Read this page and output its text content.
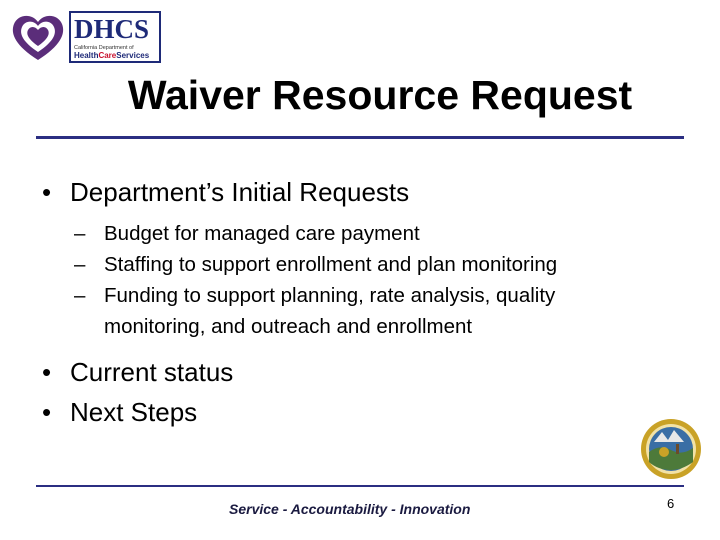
DHCS
California Department of
HealthCareServices
Waiver Resource Request
• Department’s Initial Requests
– Budget for managed care payment
– Staffing to support enrollment and plan monitoring
– Funding to support planning, rate analysis, quality
monitoring, and outreach and enrollment
• Current status
• Next Steps
Service - Accountability - Innovation	6
